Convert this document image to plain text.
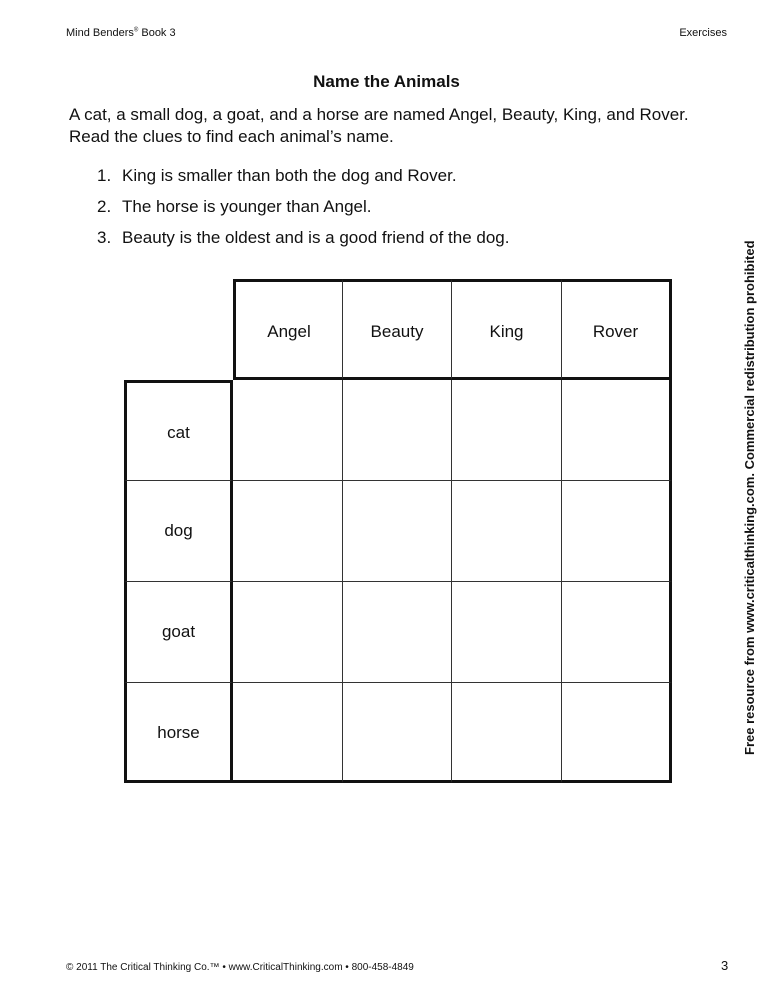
Mind Benders® Book 3	Exercises
Name the Animals
A cat, a small dog, a goat, and a horse are named Angel, Beauty, King, and Rover.
Read the clues to find each animal’s name.
1. King is smaller than both the dog and Rover.
2. The horse is younger than Angel.
3. Beauty is the oldest and is a good friend of the dog.
Angel	Beauty	King	Rover
cat
dog
goat
horse	Free resource from www.criticalthinking.com. Commercial redistribution prohibited
© 2011 The Critical Thinking Co.™ • www.CriticalThinking.com • 800-458-4849	3
